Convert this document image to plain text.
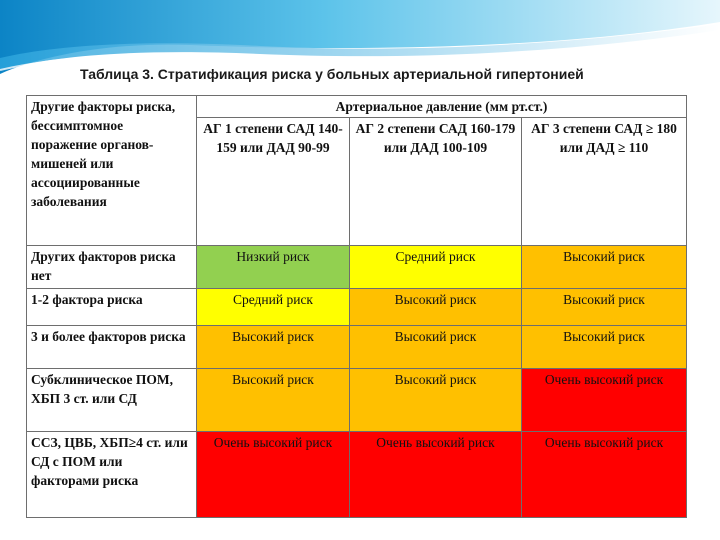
Таблица 3. Стратификация риска у больных артериальной гипертонией
Другие факторы риска, бессимптомное поражение органов-мишеней или ассоциированные заболевания	Артериальное давление (мм рт.ст.)		
	АГ 1 степени САД 140-159 или ДАД 90-99	АГ 2 степени САД 160-179 или ДАД 100-109	АГ 3 степени САД ≥ 180 или ДАД ≥ 110
Других факторов риска нет	Низкий риск	Средний риск	Высокий риск
1-2 фактора риска	Средний риск	Высокий риск	Высокий риск
3 и более факторов риска	Высокий риск	Высокий риск	Высокий риск
Субклиническое ПОМ, ХБП 3 ст. или СД	Высокий риск	Высокий риск	Очень высокий риск
ССЗ, ЦВБ, ХБП≥4 ст. или СД с ПОМ или факторами риска	Очень высокий риск	Очень высокий риск	Очень высокий риск
